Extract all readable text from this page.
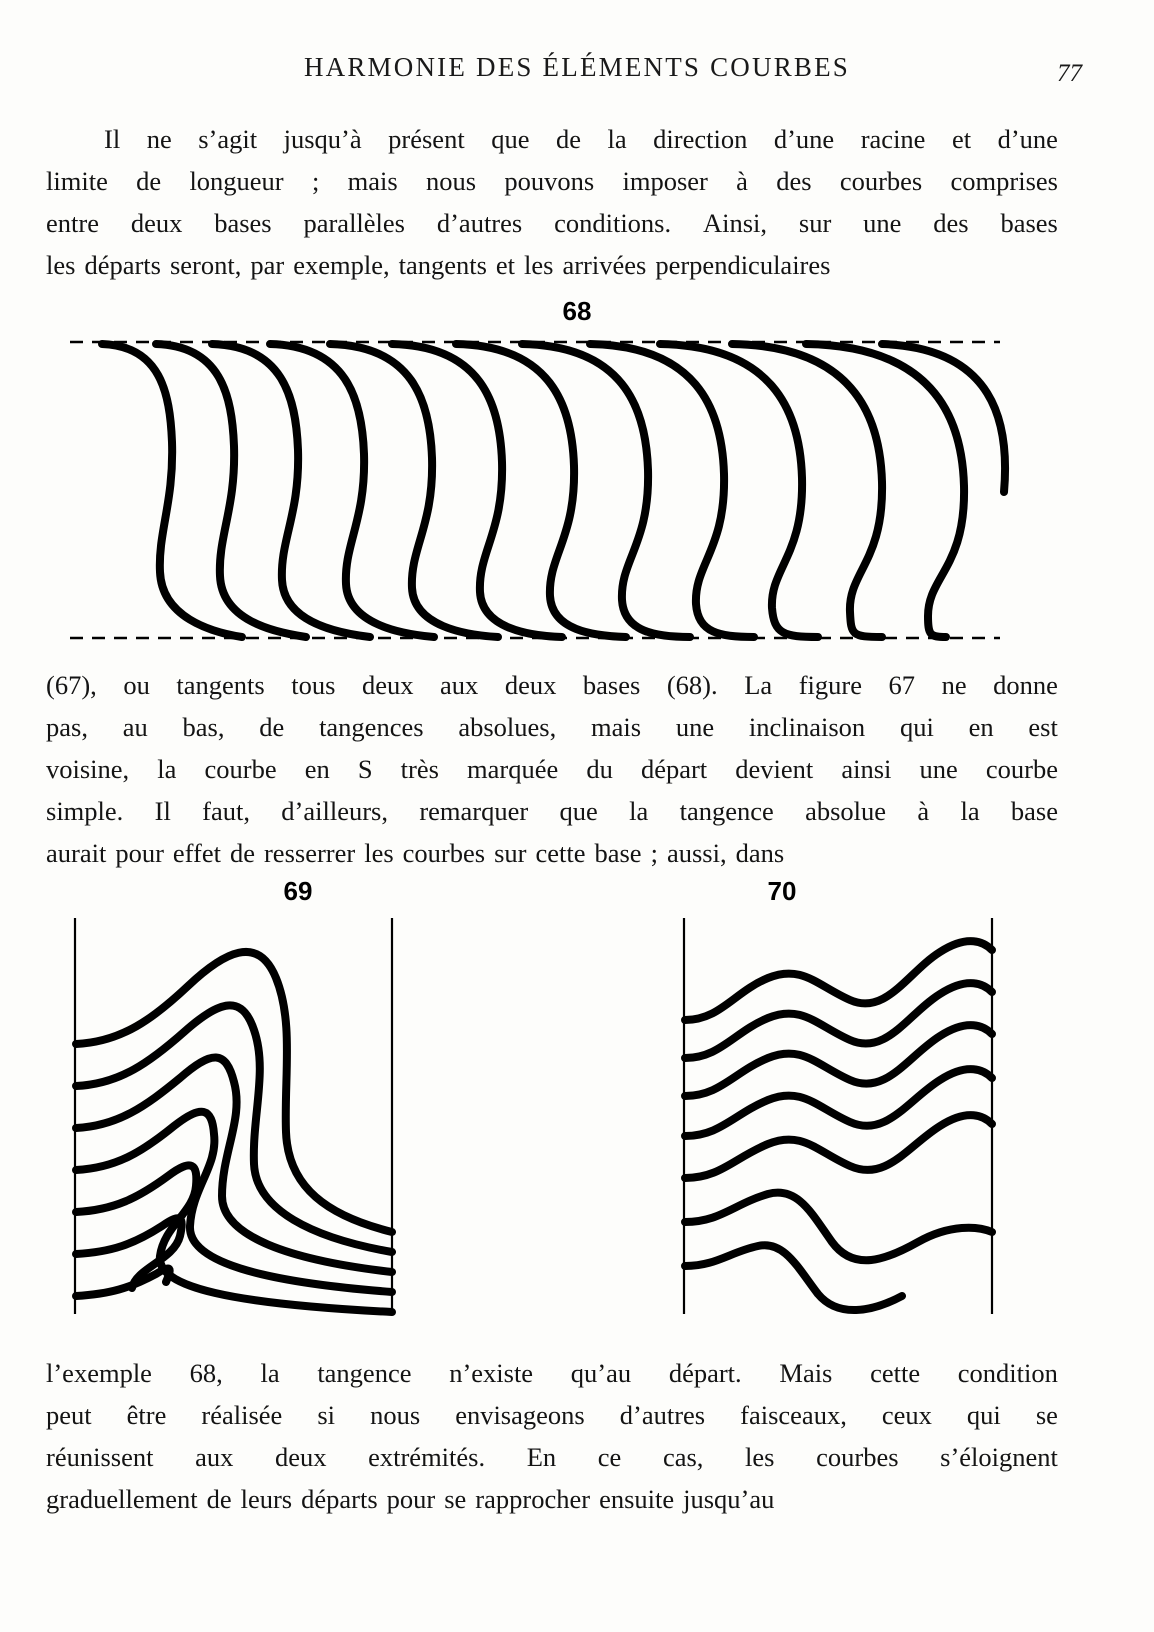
HARMONIE DES ÉLÉMENTS COURBES	77
Il ne s’agit jusqu’à présent que de la direction d’une racine et d’une
limite de longueur ; mais nous pouvons imposer à des courbes comprises
entre deux bases parallèles d’autres conditions. Ainsi, sur une des bases
les départs seront, par exemple, tangents et les arrivées perpendiculaires
68
(67), ou tangents tous deux aux deux bases (68). La figure 67 ne donne
pas, au bas, de tangences absolues, mais une inclinaison qui en est
voisine, la courbe en S très marquée du départ devient ainsi une courbe
simple. Il faut, d’ailleurs, remarquer que la tangence absolue à la base
aurait pour effet de resserrer les courbes sur cette base ; aussi, dans
69	70
l’exemple 68, la tangence n’existe qu’au départ. Mais cette condition
peut être réalisée si nous envisageons d’autres faisceaux, ceux qui se
réunissent aux deux extrémités. En ce cas, les courbes s’éloignent
graduellement de leurs départs pour se rapprocher ensuite jusqu’au
